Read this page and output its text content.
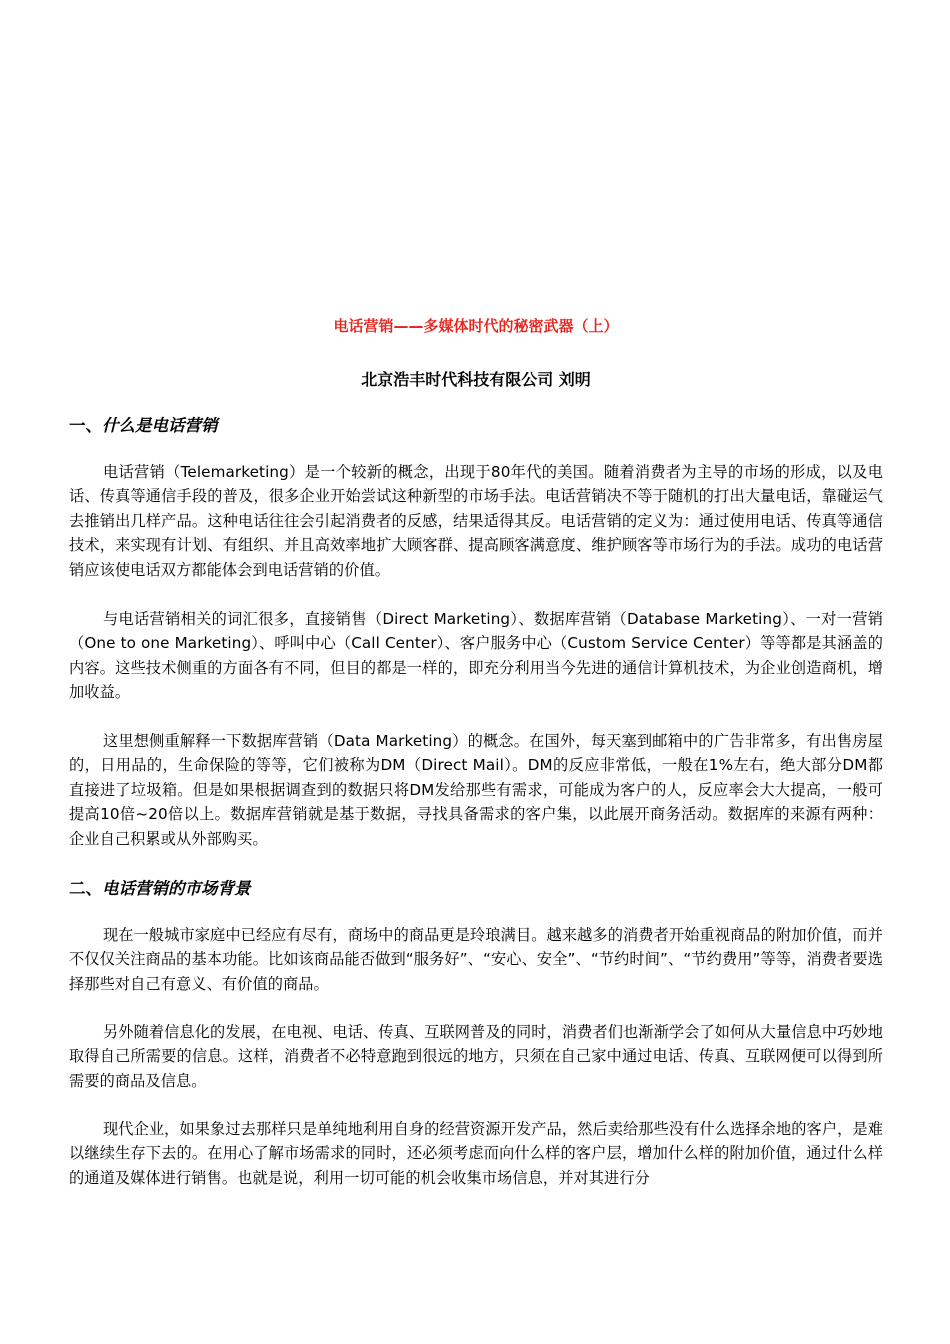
电话营销——多媒体时代的秘密武器（上）
北京浩丰时代科技有限公司 刘明
一、什么是电话营销

电话营销（Telemarketing）是一个较新的概念，出现于80年代的美国。随着消费者为主导的市场的形成，以及电话、传真等通信手段的普及，很多企业开始尝试这种新型的市场手法。电话营销决不等于随机的打出大量电话，靠碰运气去推销出几样产品。这种电话往往会引起消费者的反感，结果适得其反。电话营销的定义为：通过使用电话、传真等通信技术，来实现有计划、有组织、并且高效率地扩大顾客群、提高顾客满意度、维护顾客等市场行为的手法。成功的电话营销应该使电话双方都能体会到电话营销的价值。

与电话营销相关的词汇很多，直接销售（Direct Marketing）、数据库营销（Database Marketing）、一对一营销（One to one Marketing）、呼叫中心（Call Center）、客户服务中心（Custom Service Center）等等都是其涵盖的内容。这些技术侧重的方面各有不同，但目的都是一样的，即充分利用当今先进的通信计算机技术，为企业创造商机，增加收益。

这里想侧重解释一下数据库营销（Data Marketing）的概念。在国外，每天塞到邮箱中的广告非常多，有出售房屋的，日用品的，生命保险的等等，它们被称为DM（Direct Mail）。DM的反应非常低，一般在1%左右，绝大部分DM都直接进了垃圾箱。但是如果根据调查到的数据只将DM发给那些有需求，可能成为客户的人，反应率会大大提高，一般可提高10倍~20倍以上。数据库营销就是基于数据，寻找具备需求的客户集，以此展开商务活动。数据库的来源有两种：企业自己积累或从外部购买。

二、电话营销的市场背景

现在一般城市家庭中已经应有尽有，商场中的商品更是玲琅满目。越来越多的消费者开始重视商品的附加价值，而并不仅仅关注商品的基本功能。比如该商品能否做到“服务好”、“安心、安全”、“节约时间”、“节约费用”等等，消费者要选择那些对自己有意义、有价值的商品。

另外随着信息化的发展，在电视、电话、传真、互联网普及的同时，消费者们也渐渐学会了如何从大量信息中巧妙地取得自己所需要的信息。这样，消费者不必特意跑到很远的地方，只须在自己家中通过电话、传真、互联网便可以得到所需要的商品及信息。

现代企业，如果象过去那样只是单纯地利用自身的经营资源开发产品，然后卖给那些没有什么选择余地的客户，是难以继续生存下去的。在用心了解市场需求的同时，还必须考虑而向什么样的客户层，增加什么样的附加价值，通过什么样的通道及媒体进行销售。也就是说，利用一切可能的机会收集市场信息，并对其进行分
